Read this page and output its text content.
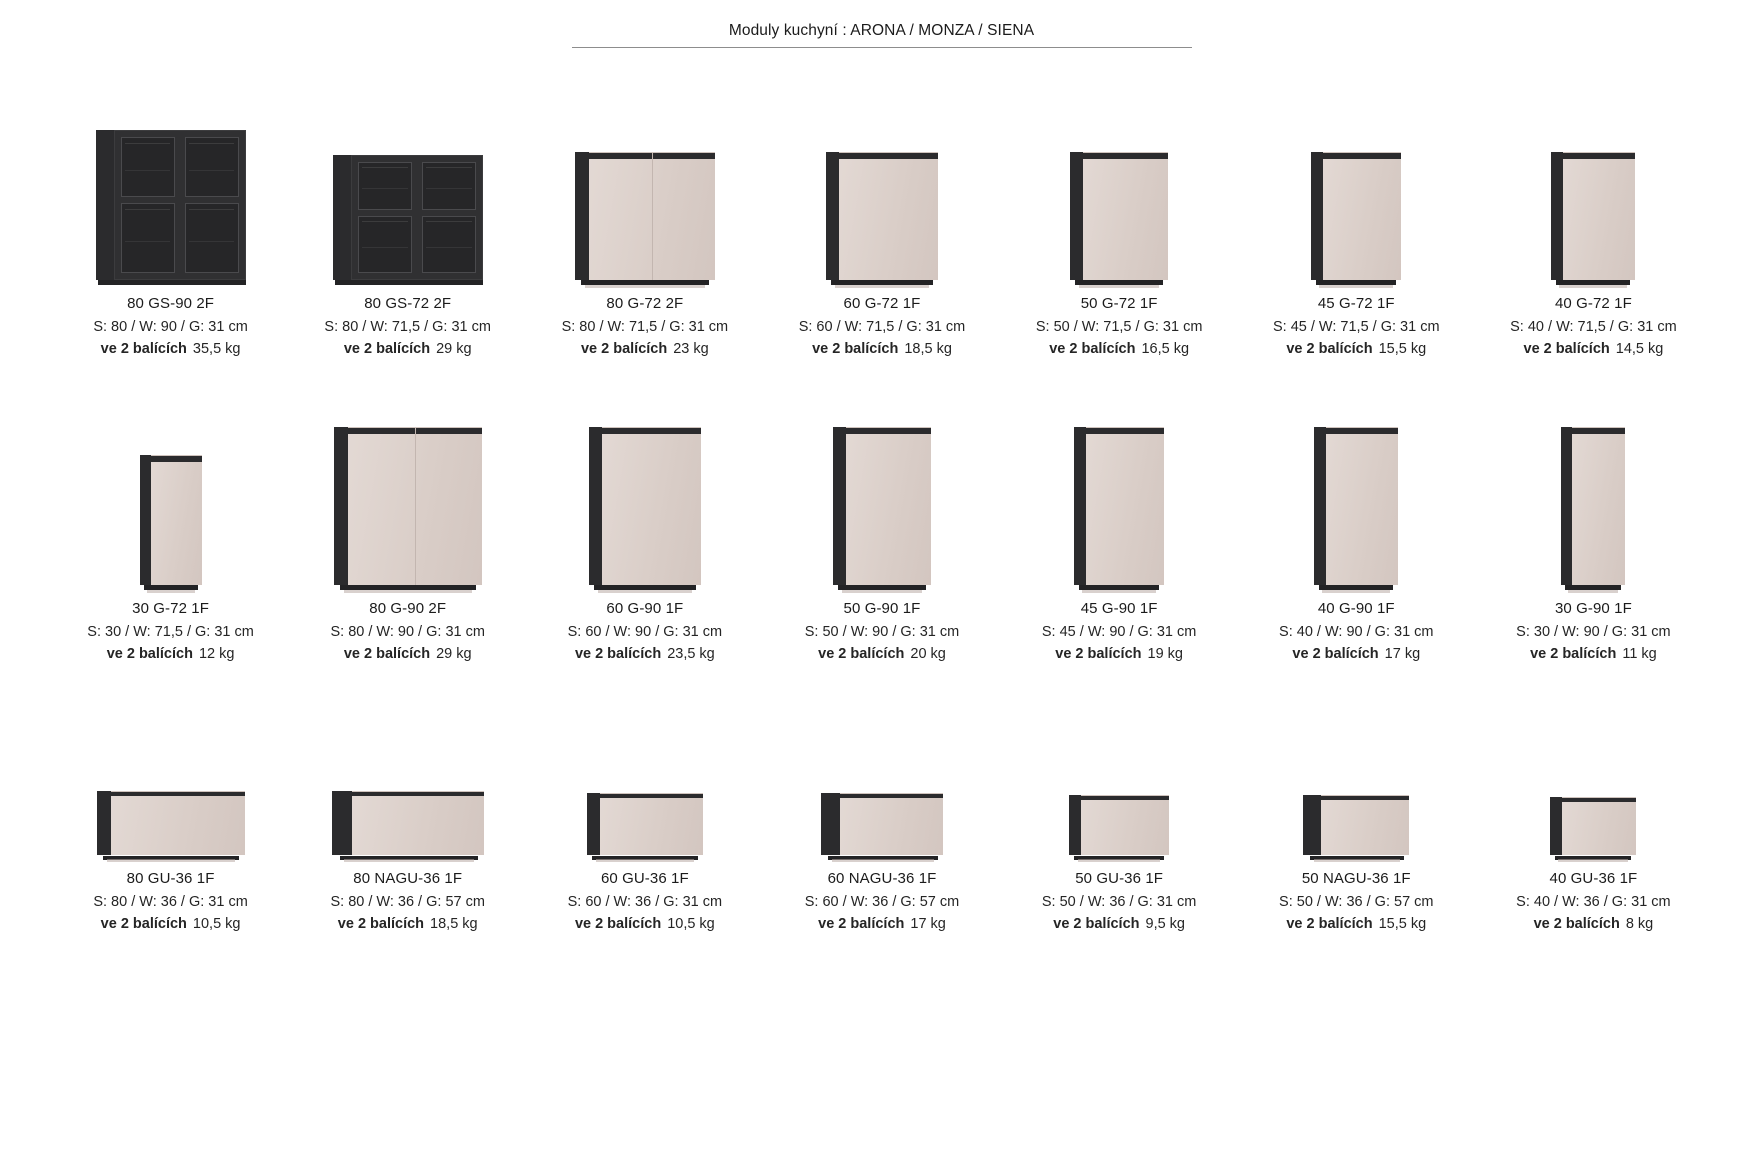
Moduly kuchyní : ARONA / MONZA / SIENA
80 GS-90 2F
S: 80 / W: 90 / G: 31 cm
ve 2 balících 35,5 kg
80 GS-72 2F
S: 80 / W: 71,5 / G: 31 cm
ve 2 balících 29 kg
80 G-72 2F
S: 80 / W: 71,5 / G: 31 cm
ve 2 balících 23 kg
60 G-72 1F
S: 60 / W: 71,5 / G: 31 cm
ve 2 balících 18,5 kg
50 G-72 1F
S: 50 / W: 71,5 / G: 31 cm
ve 2 balících 16,5 kg
45 G-72 1F
S: 45 / W: 71,5 / G: 31 cm
ve 2 balících 15,5 kg
40 G-72 1F
S: 40 / W: 71,5 / G: 31 cm
ve 2 balících 14,5 kg
30 G-72 1F
S: 30 / W: 71,5 / G: 31 cm
ve 2 balících 12 kg
80 G-90 2F
S: 80 / W: 90 / G: 31 cm
ve 2 balících 29 kg
60 G-90 1F
S: 60 / W: 90 / G: 31 cm
ve 2 balících 23,5 kg
50 G-90 1F
S: 50 / W: 90 / G: 31 cm
ve 2 balících 20 kg
45 G-90 1F
S: 45 / W: 90 / G: 31 cm
ve 2 balících 19 kg
40 G-90 1F
S: 40 / W: 90 / G: 31 cm
ve 2 balících 17 kg
30 G-90 1F
S: 30 / W: 90 / G: 31 cm
ve 2 balících 11 kg
80 GU-36 1F
S: 80 / W: 36 / G: 31 cm
ve 2 balících 10,5 kg
80 NAGU-36 1F
S: 80 / W: 36 / G: 57 cm
ve 2 balících 18,5 kg
60 GU-36 1F
S: 60 / W: 36 / G: 31 cm
ve 2 balících 10,5 kg
60 NAGU-36 1F
S: 60 / W: 36 / G: 57 cm
ve 2 balících 17 kg
50 GU-36 1F
S: 50 / W: 36 / G: 31 cm
ve 2 balících 9,5 kg
50 NAGU-36 1F
S: 50 / W: 36 / G: 57 cm
ve 2 balících 15,5 kg
40 GU-36 1F
S: 40 / W: 36 / G: 31 cm
ve 2 balících 8 kg
